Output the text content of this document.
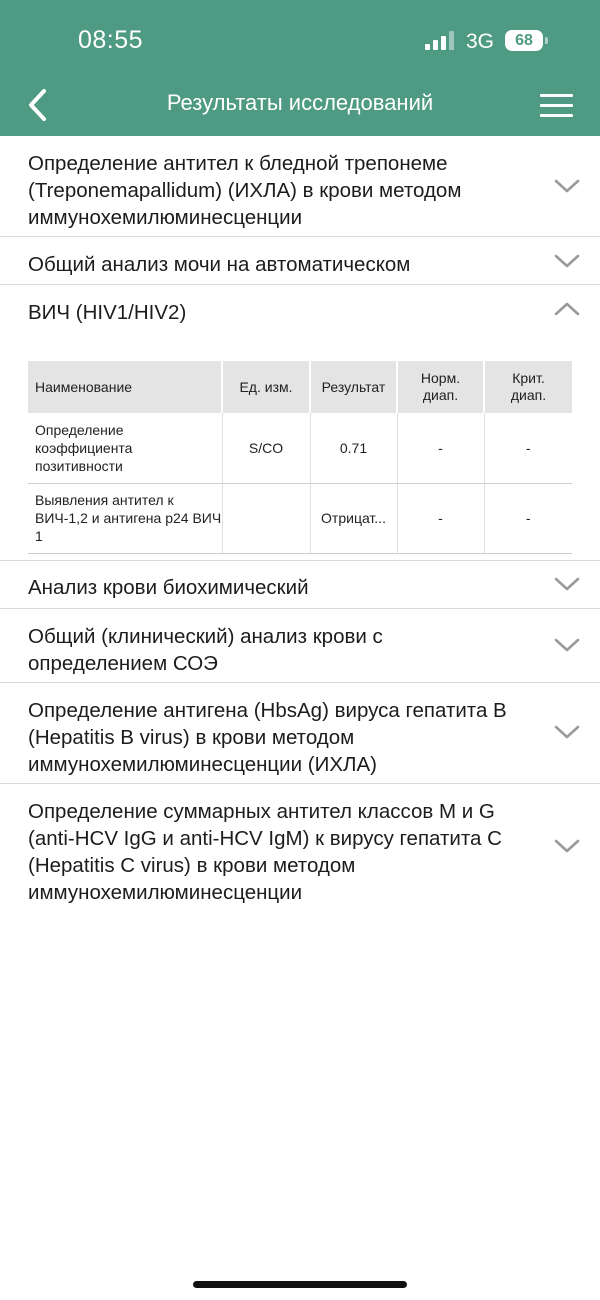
08:55	3G	68
Результаты исследований
Определение антител к бледной трепонеме (Treponemapallidum) (ИХЛА) в крови методом иммунохемилюминесценции
Общий анализ мочи на автоматическом
ВИЧ (HIV1/HIV2)
Наименование	Ед. изм.	Результат	Норм. диап.	Крит. диап.

Определение коэффициента позитивности	S/CO	0.71	-	-
Выявления антител к ВИЧ-1,2 и антигена p24 ВИЧ 1		Отрицат...	-	-
Анализ крови биохимический
Общий (клинический) анализ крови с определением СОЭ
Определение антигена (HbsAg) вируса гепатита B (Hepatitis B virus) в крови методом иммунохемилюминесценции (ИХЛА)
Определение суммарных антител классов M и G (anti-HCV IgG и anti-HCV IgM) к вирусу гепатита С (Hepatitis C virus) в крови методом иммунохемилюминесценции
